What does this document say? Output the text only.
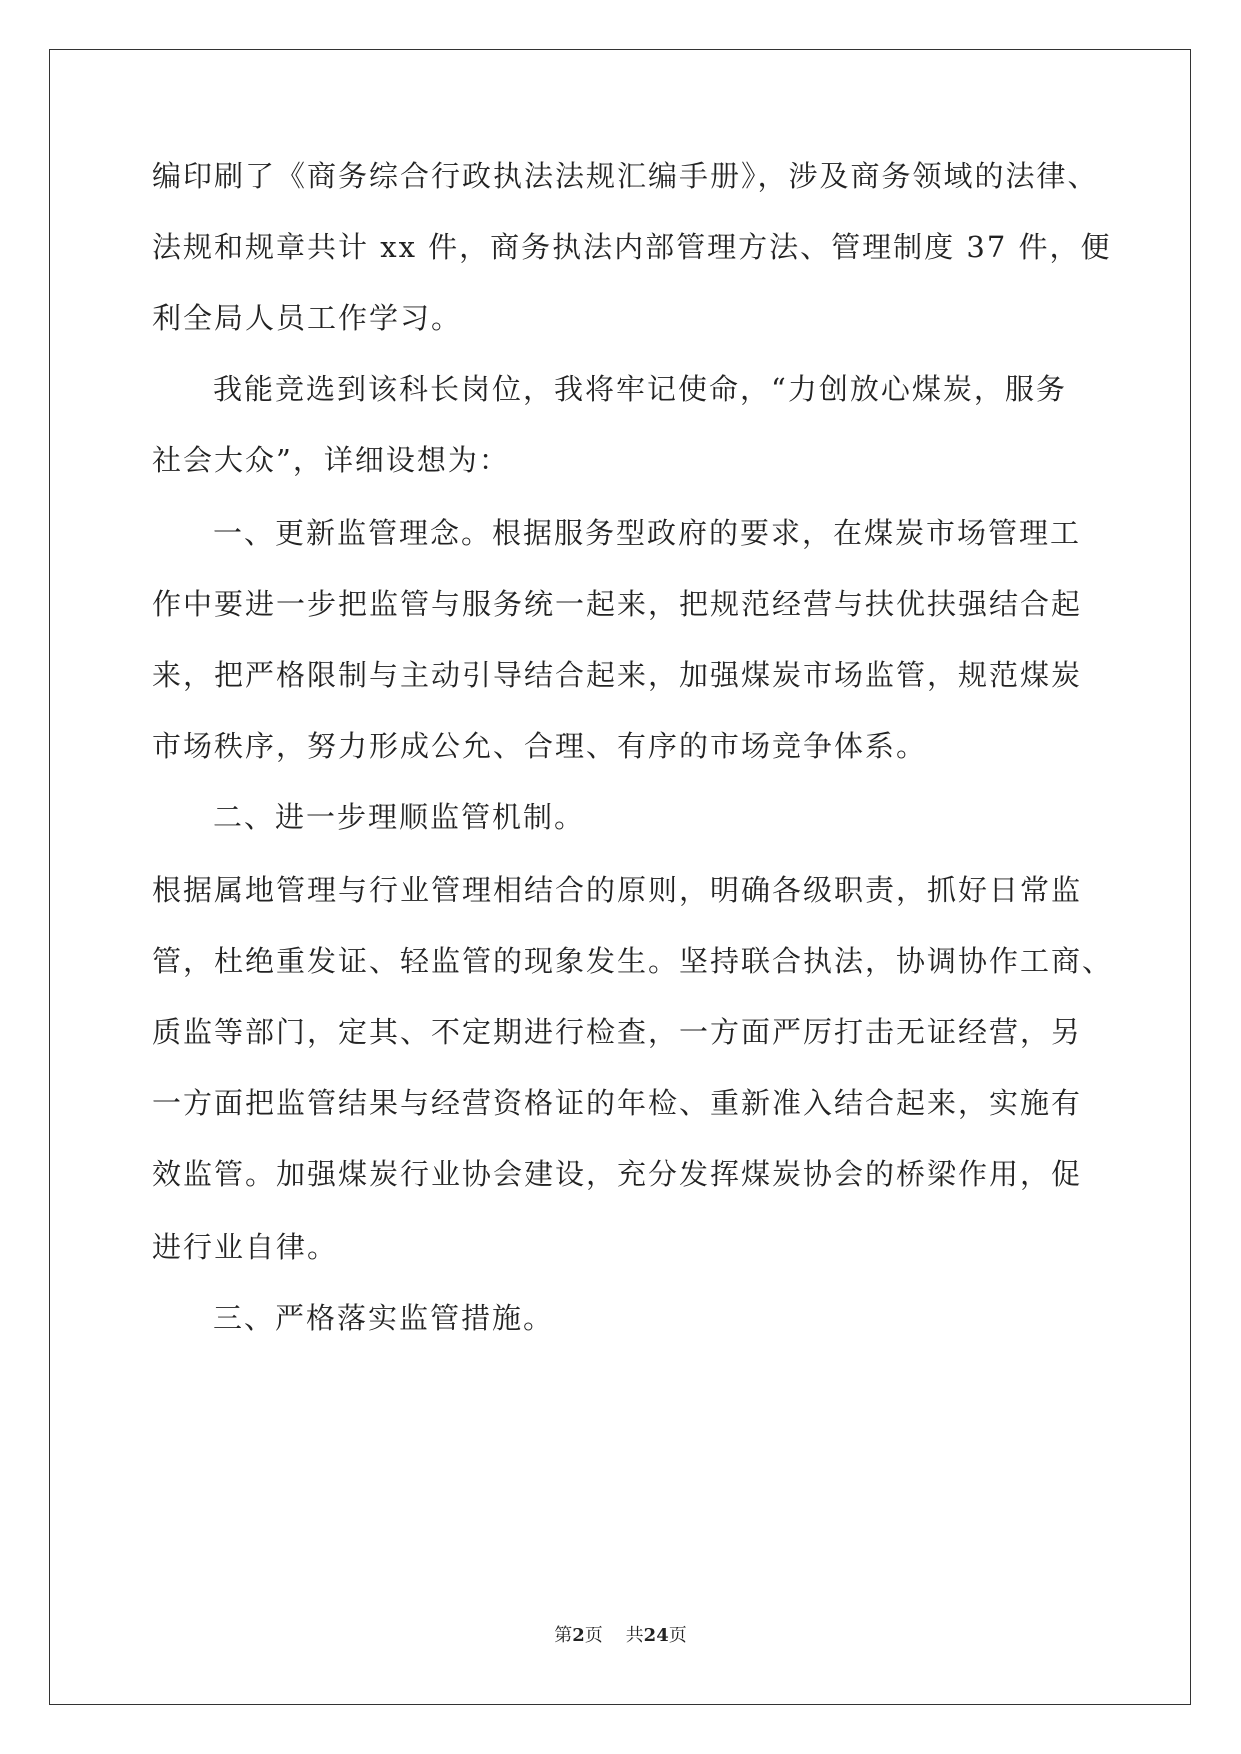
编印刷了《商务综合行政执法法规汇编手册》，涉及商务领域的法律、
法规和规章共计 xx 件，商务执法内部管理方法、管理制度 37 件，便
利全局人员工作学习。
我能竞选到该科长岗位，我将牢记使命，“力创放心煤炭，服务
社会大众”，详细设想为：
一、更新监管理念。根据服务型政府的要求，在煤炭市场管理工
作中要进一步把监管与服务统一起来，把规范经营与扶优扶强结合起
来，把严格限制与主动引导结合起来，加强煤炭市场监管，规范煤炭
市场秩序，努力形成公允、合理、有序的市场竞争体系。
二、进一步理顺监管机制。
根据属地管理与行业管理相结合的原则，明确各级职责，抓好日常监
管，杜绝重发证、轻监管的现象发生。坚持联合执法，协调协作工商、
质监等部门，定其、不定期进行检查，一方面严厉打击无证经营，另
一方面把监管结果与经营资格证的年检、重新准入结合起来，实施有
效监管。加强煤炭行业协会建设，充分发挥煤炭协会的桥梁作用，促
进行业自律。
三、严格落实监管措施。
第2页 共24页
